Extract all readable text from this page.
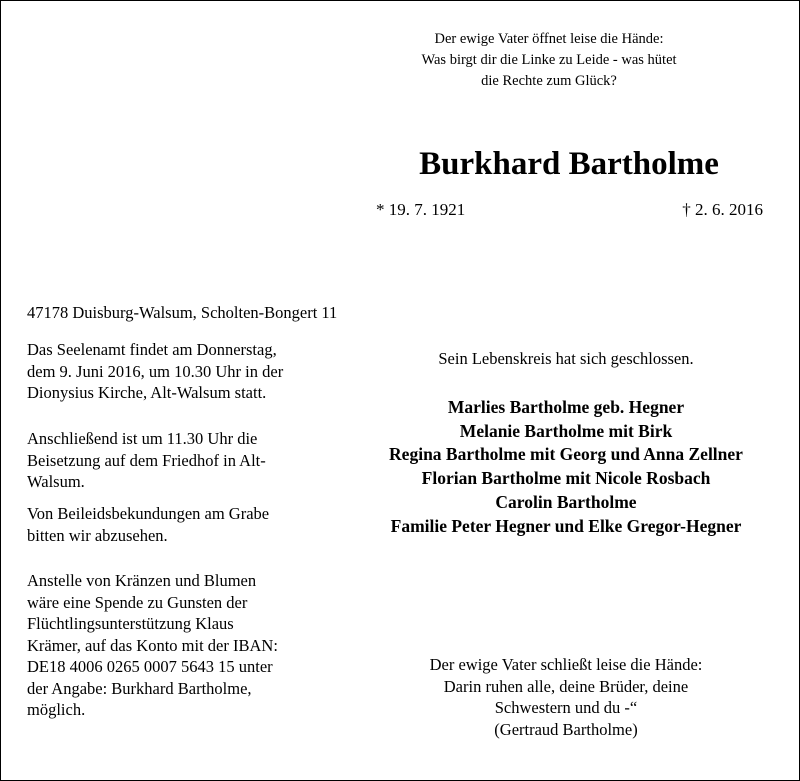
Der ewige Vater öffnet leise die Hände:
Was birgt dir die Linke zu Leide - was hütet
die Rechte zum Glück?
Burkhard Bartholme
* 19. 7. 1921	† 2. 6. 2016
47178 Duisburg-Walsum, Scholten-Bongert 11
Das Seelenamt findet am Donnerstag,
dem 9. Juni 2016, um 10.30 Uhr in der
Dionysius Kirche, Alt-Walsum statt.
Anschließend ist um 11.30 Uhr die
Beisetzung auf dem Friedhof in Alt-
Walsum.
Von Beileidsbekundungen am Grabe
bitten wir abzusehen.
Anstelle von Kränzen und Blumen
wäre eine Spende zu Gunsten der
Flüchtlingsunterstützung Klaus
Krämer, auf das Konto mit der IBAN:
DE18 4006 0265 0007 5643 15 unter
der Angabe: Burkhard Bartholme,
möglich.
Sein Lebenskreis hat sich geschlossen.
Marlies Bartholme geb. Hegner
Melanie Bartholme mit Birk
Regina Bartholme mit Georg und Anna Zellner
Florian Bartholme mit Nicole Rosbach
Carolin Bartholme
Familie Peter Hegner und Elke Gregor-Hegner
Der ewige Vater schließt leise die Hände:
Darin ruhen alle, deine Brüder, deine
Schwestern und du -“
(Gertraud Bartholme)
